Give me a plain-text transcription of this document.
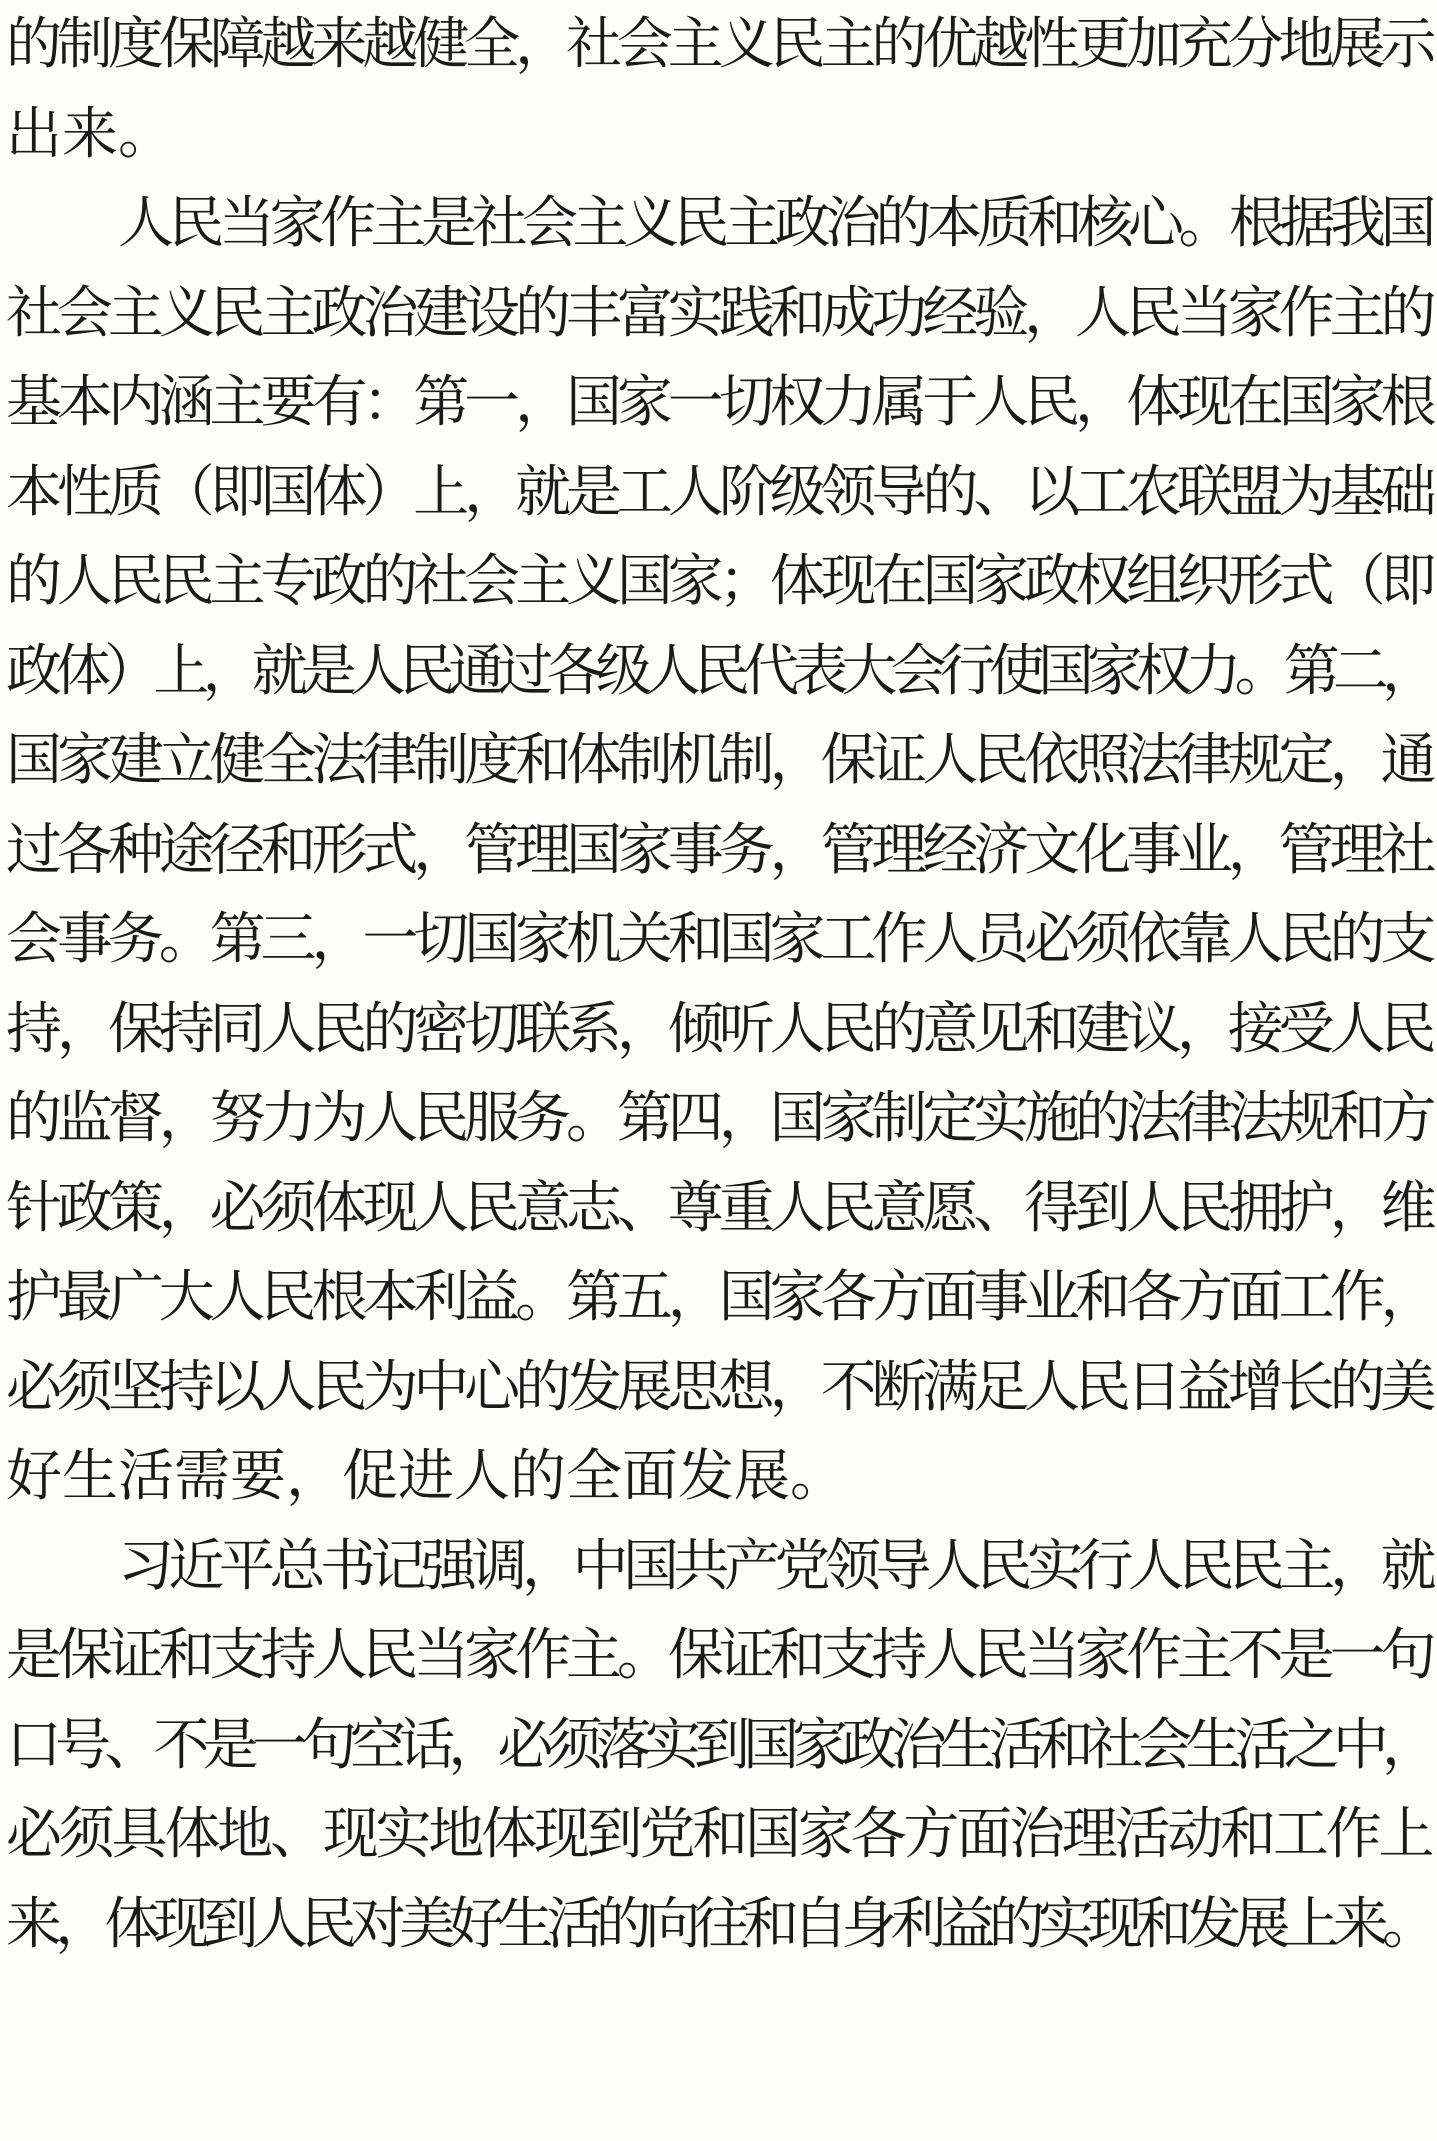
的制度保障越来越健全，社会主义民主的优越性更加充分地展示
出来。
人民当家作主是社会主义民主政治的本质和核心。根据我国
社会主义民主政治建设的丰富实践和成功经验，人民当家作主的
基本内涵主要有：第一，国家一切权力属于人民，体现在国家根
本性质（即国体）上，就是工人阶级领导的、以工农联盟为基础
的人民民主专政的社会主义国家；体现在国家政权组织形式（即
政体）上，就是人民通过各级人民代表大会行使国家权力。第二，
国家建立健全法律制度和体制机制，保证人民依照法律规定，通
过各种途径和形式，管理国家事务，管理经济文化事业，管理社
会事务。第三，一切国家机关和国家工作人员必须依靠人民的支
持，保持同人民的密切联系，倾听人民的意见和建议，接受人民
的监督，努力为人民服务。第四，国家制定实施的法律法规和方
针政策，必须体现人民意志、尊重人民意愿、得到人民拥护，维
护最广大人民根本利益。第五，国家各方面事业和各方面工作，
必须坚持以人民为中心的发展思想，不断满足人民日益增长的美
好生活需要，促进人的全面发展。
习近平总书记强调，中国共产党领导人民实行人民民主，就
是保证和支持人民当家作主。保证和支持人民当家作主不是一句
口号、不是一句空话，必须落实到国家政治生活和社会生活之中，
必须具体地、现实地体现到党和国家各方面治理活动和工作上
来，体现到人民对美好生活的向往和自身利益的实现和发展上来。
